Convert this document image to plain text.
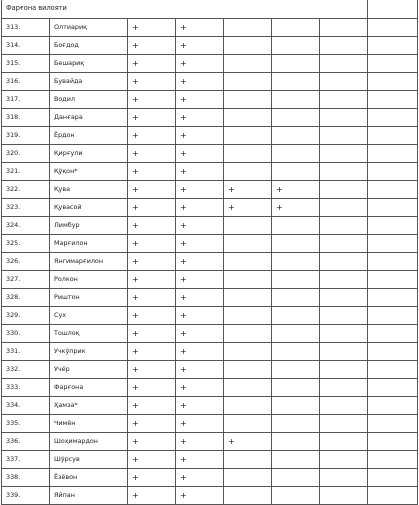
Фарғона вилояти							
313.	Олтиариқ	+	+				
314.	Боғдод	+	+				
315.	Бешариқ	+	+				
316.	Бувайда	+	+				
317.	Водил	+	+				
318.	Данғара	+	+				
319.	Ёрдон	+	+				
320.	Қирғули	+	+				
321.	Қўқон*	+	+				
322.	Қува	+	+	+	+		
323.	Қувасой	+	+	+	+		
324.	Лимбур	+	+				
325.	Марғилон	+	+				
326.	Янгимарғилон	+	+				
327.	Ролкон	+	+				
328.	Риштон	+	+				
329.	Сух	+	+				
330.	Тошлоқ	+	+				
331.	Учкўприк	+	+				
332.	Учёр	+	+				
333.	Фарғона	+	+				
334.	Ҳамза*	+	+				
335.	Чимён	+	+				
336.	Шоҳимардон	+	+	+			
337.	Шўрсув	+	+				
338.	Ёзёвон	+	+				
339.	Яйпан	+	+				
